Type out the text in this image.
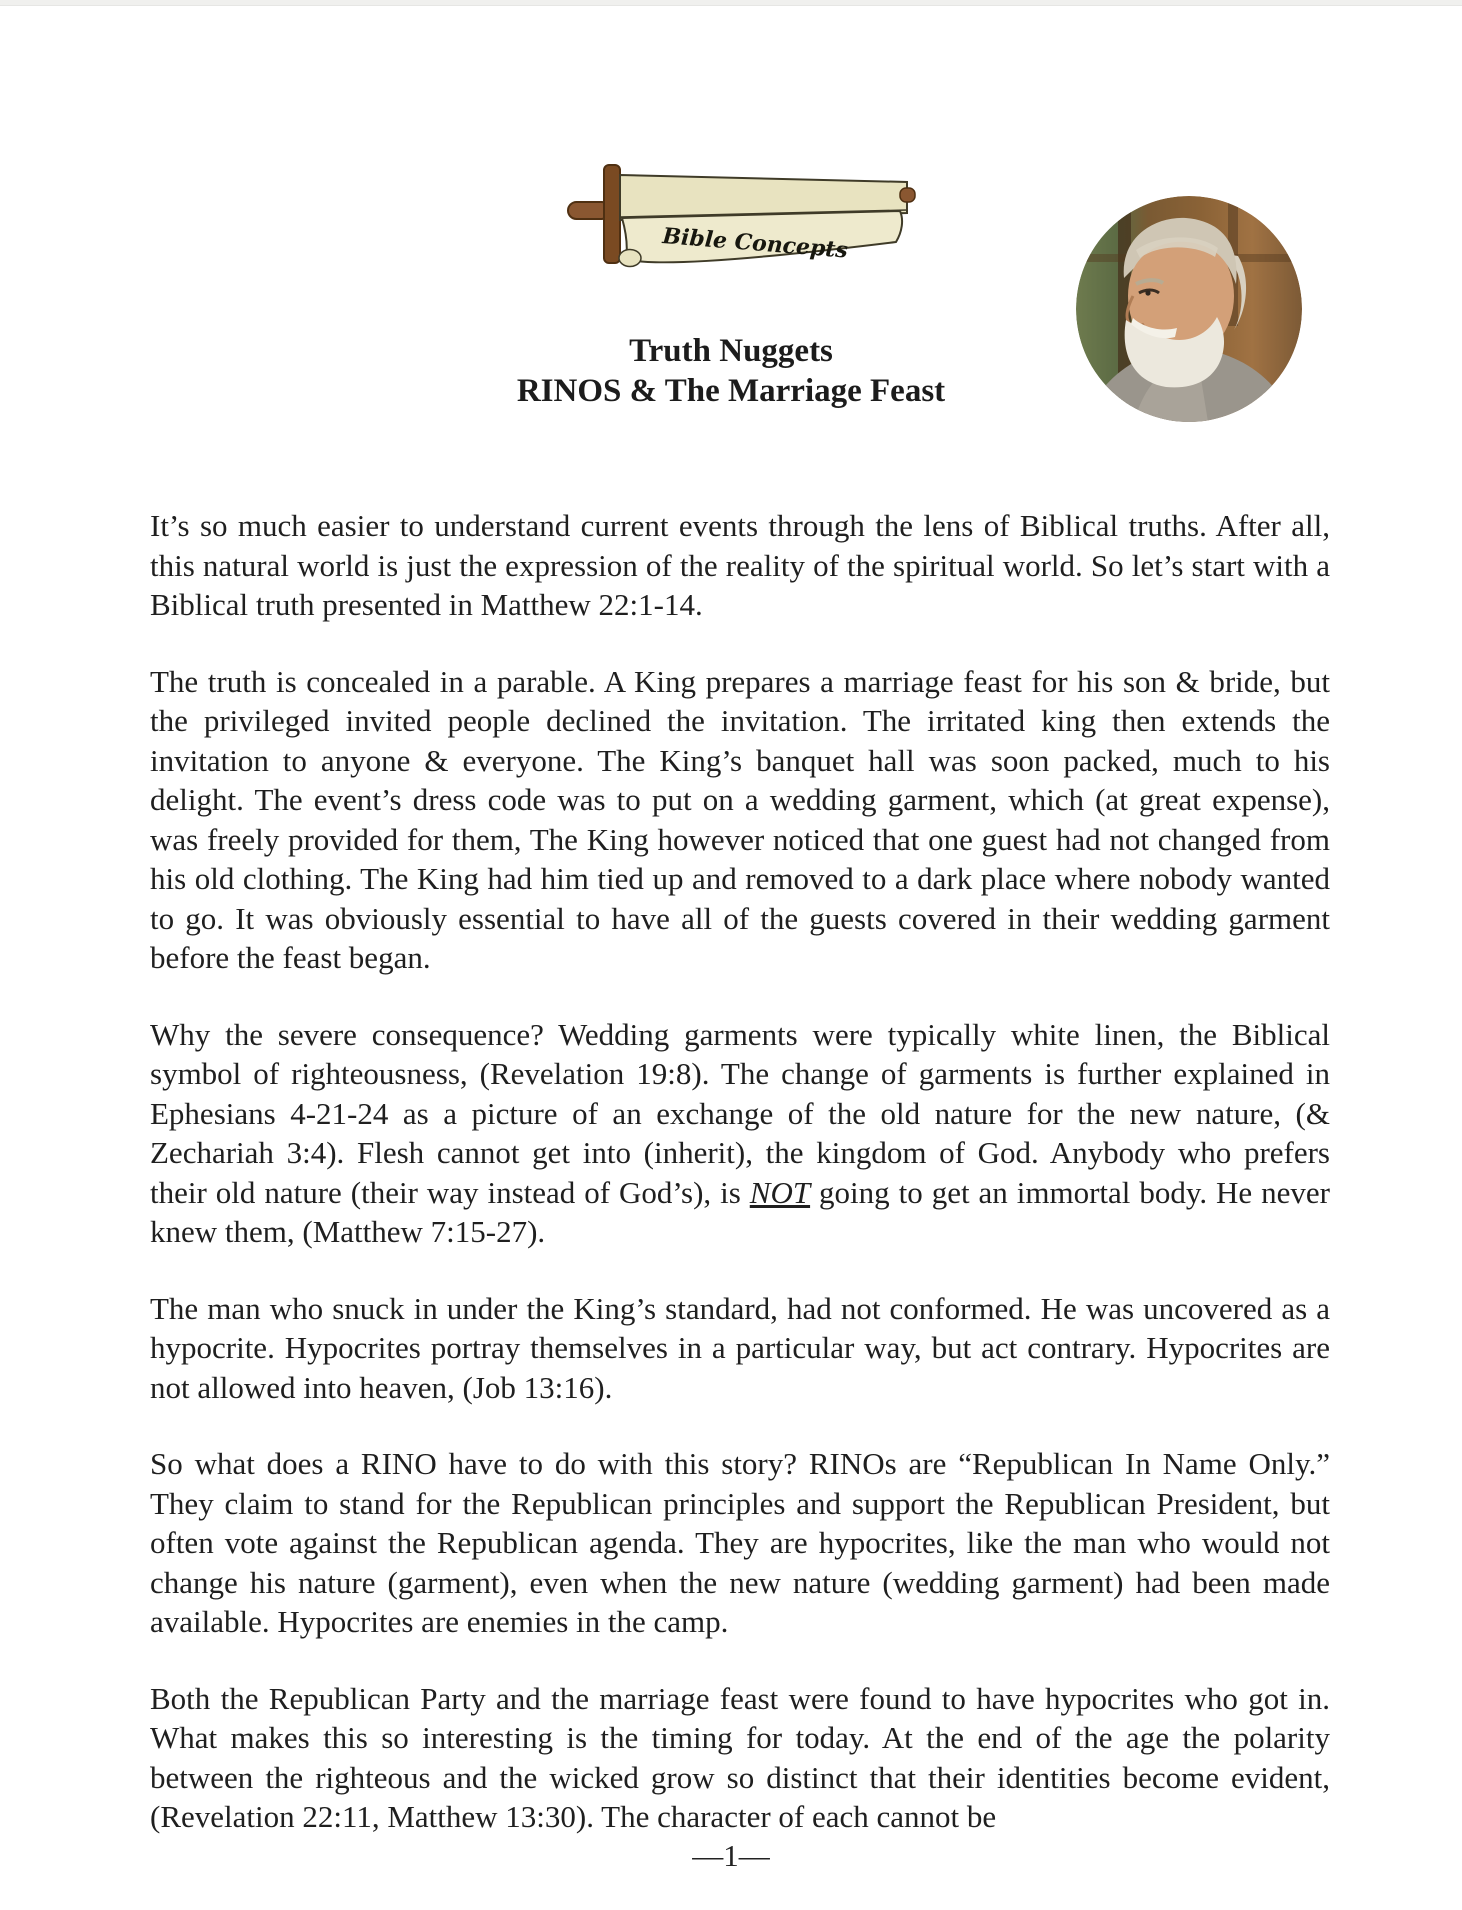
Bible Concepts
Truth Nuggets
RINOS & The Marriage Feast

It’s so much easier to understand current events through the lens of Biblical truths. After all, this natural world is just the expression of the reality of the spiritual world. So let’s start with a Biblical truth presented in Matthew 22:1-14.

The truth is concealed in a parable. A King prepares a marriage feast for his son & bride, but the privileged invited people declined the invitation. The irritated king then extends the invitation to anyone & everyone. The King’s banquet hall was soon packed, much to his delight. The event’s dress code was to put on a wedding garment, which (at great expense), was freely provided for them, The King however noticed that one guest had not changed from his old clothing. The King had him tied up and removed to a dark place where nobody wanted to go. It was obviously essential to have all of the guests covered in their wedding garment before the feast began.

Why the severe consequence? Wedding garments were typically white linen, the Biblical symbol of righteousness, (Revelation 19:8). The change of garments is further explained in Ephesians 4-21-24 as a picture of an exchange of the old nature for the new nature, (& Zechariah 3:4). Flesh cannot get into (inherit), the kingdom of God. Anybody who prefers their old nature (their way instead of God’s), is NOT going to get an immortal body. He never knew them, (Matthew 7:15-27).

The man who snuck in under the King’s standard, had not conformed. He was uncovered as a hypocrite. Hypocrites portray themselves in a particular way, but act contrary. Hypocrites are not allowed into heaven, (Job 13:16).

So what does a RINO have to do with this story? RINOs are “Republican In Name Only.” They claim to stand for the Republican principles and support the Republican President, but often vote against the Republican agenda. They are hypocrites, like the man who would not change his nature (garment), even when the new nature (wedding garment) had been made available. Hypocrites are enemies in the camp.

Both the Republican Party and the marriage feast were found to have hypocrites who got in. What makes this so interesting is the timing for today. At the end of the age the polarity between the righteous and the wicked grow so distinct that their identities become evident, (Revelation 22:11, Matthew 13:30). The character of each cannot be

—1—
